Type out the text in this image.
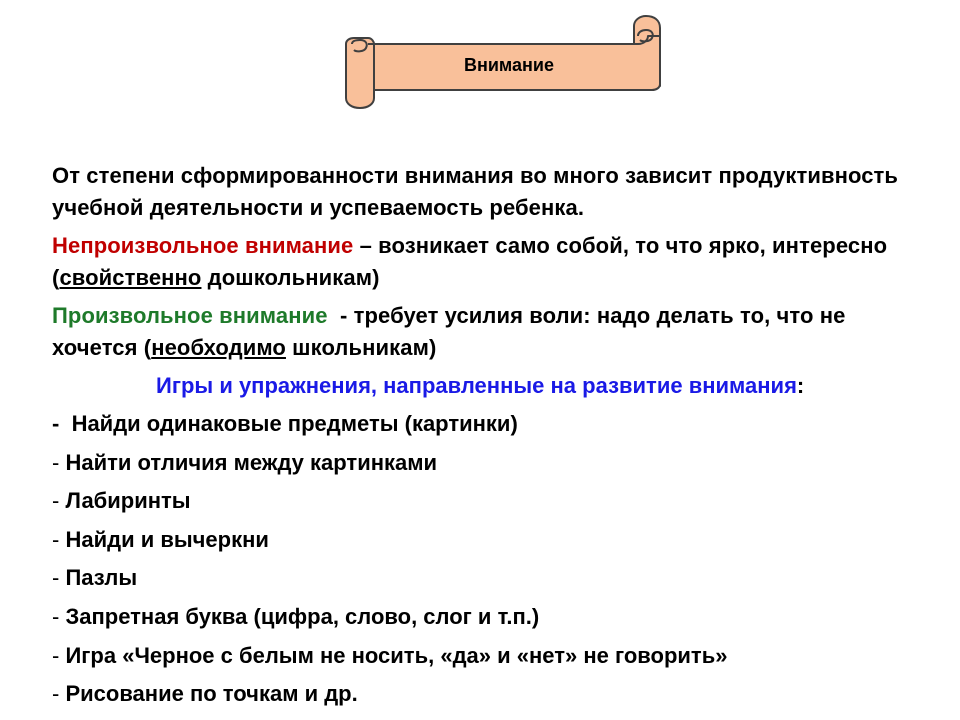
Внимание

От степени сформированности внимания во много зависит продуктивность учебной деятельности и успеваемость ребенка.

Непроизвольное внимание – возникает само собой, то что ярко, интересно (свойственно дошкольникам)

Произвольное внимание  - требует усилия воли: надо делать то, что не хочется (необходимо школьникам)

Игры и упражнения, направленные на развитие внимания:
-  Найди одинаковые предметы (картинки)
- Найти отличия между картинками
- Лабиринты
- Найди и вычеркни
- Пазлы
- Запретная буква (цифра, слово, слог и т.п.)
- Игра «Черное с белым не носить, «да» и «нет» не говорить»
- Рисование по точкам и др.
